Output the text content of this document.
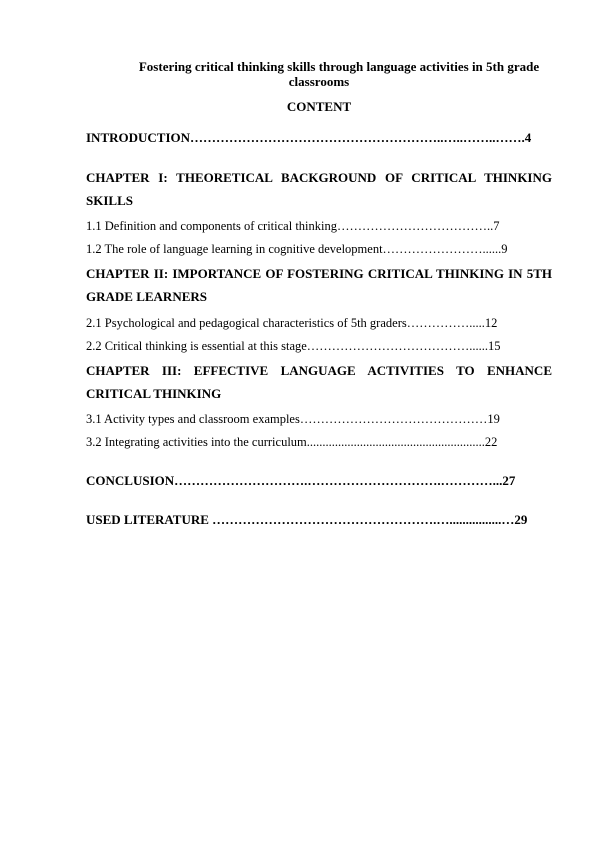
Fostering critical thinking skills through language activities in 5th grade
classrooms
CONTENT
INTRODUCTION…………………………………………………..…..……..…….4
CHAPTER I: THEORETICAL BACKGROUND OF CRITICAL THINKING SKILLS
1.1 Definition and components of critical thinking………………………………..7
1.2 The role of language learning in cognitive development……………………......9
CHAPTER II: IMPORTANCE OF FOSTERING CRITICAL THINKING IN 5TH GRADE LEARNERS
2.1 Psychological and pedagogical characteristics of 5th graders…………….....12
2.2 Critical thinking is essential at this stage…………………………………......15
CHAPTER III: EFFECTIVE LANGUAGE ACTIVITIES TO ENHANCE CRITICAL THINKING
3.1 Activity types and classroom examples………………………………………19
3.2 Integrating activities into the curriculum.........................................................22
CONCLUSION………………………….………………………….…………...27
USED LITERATURE …………………………………………….…................…29
